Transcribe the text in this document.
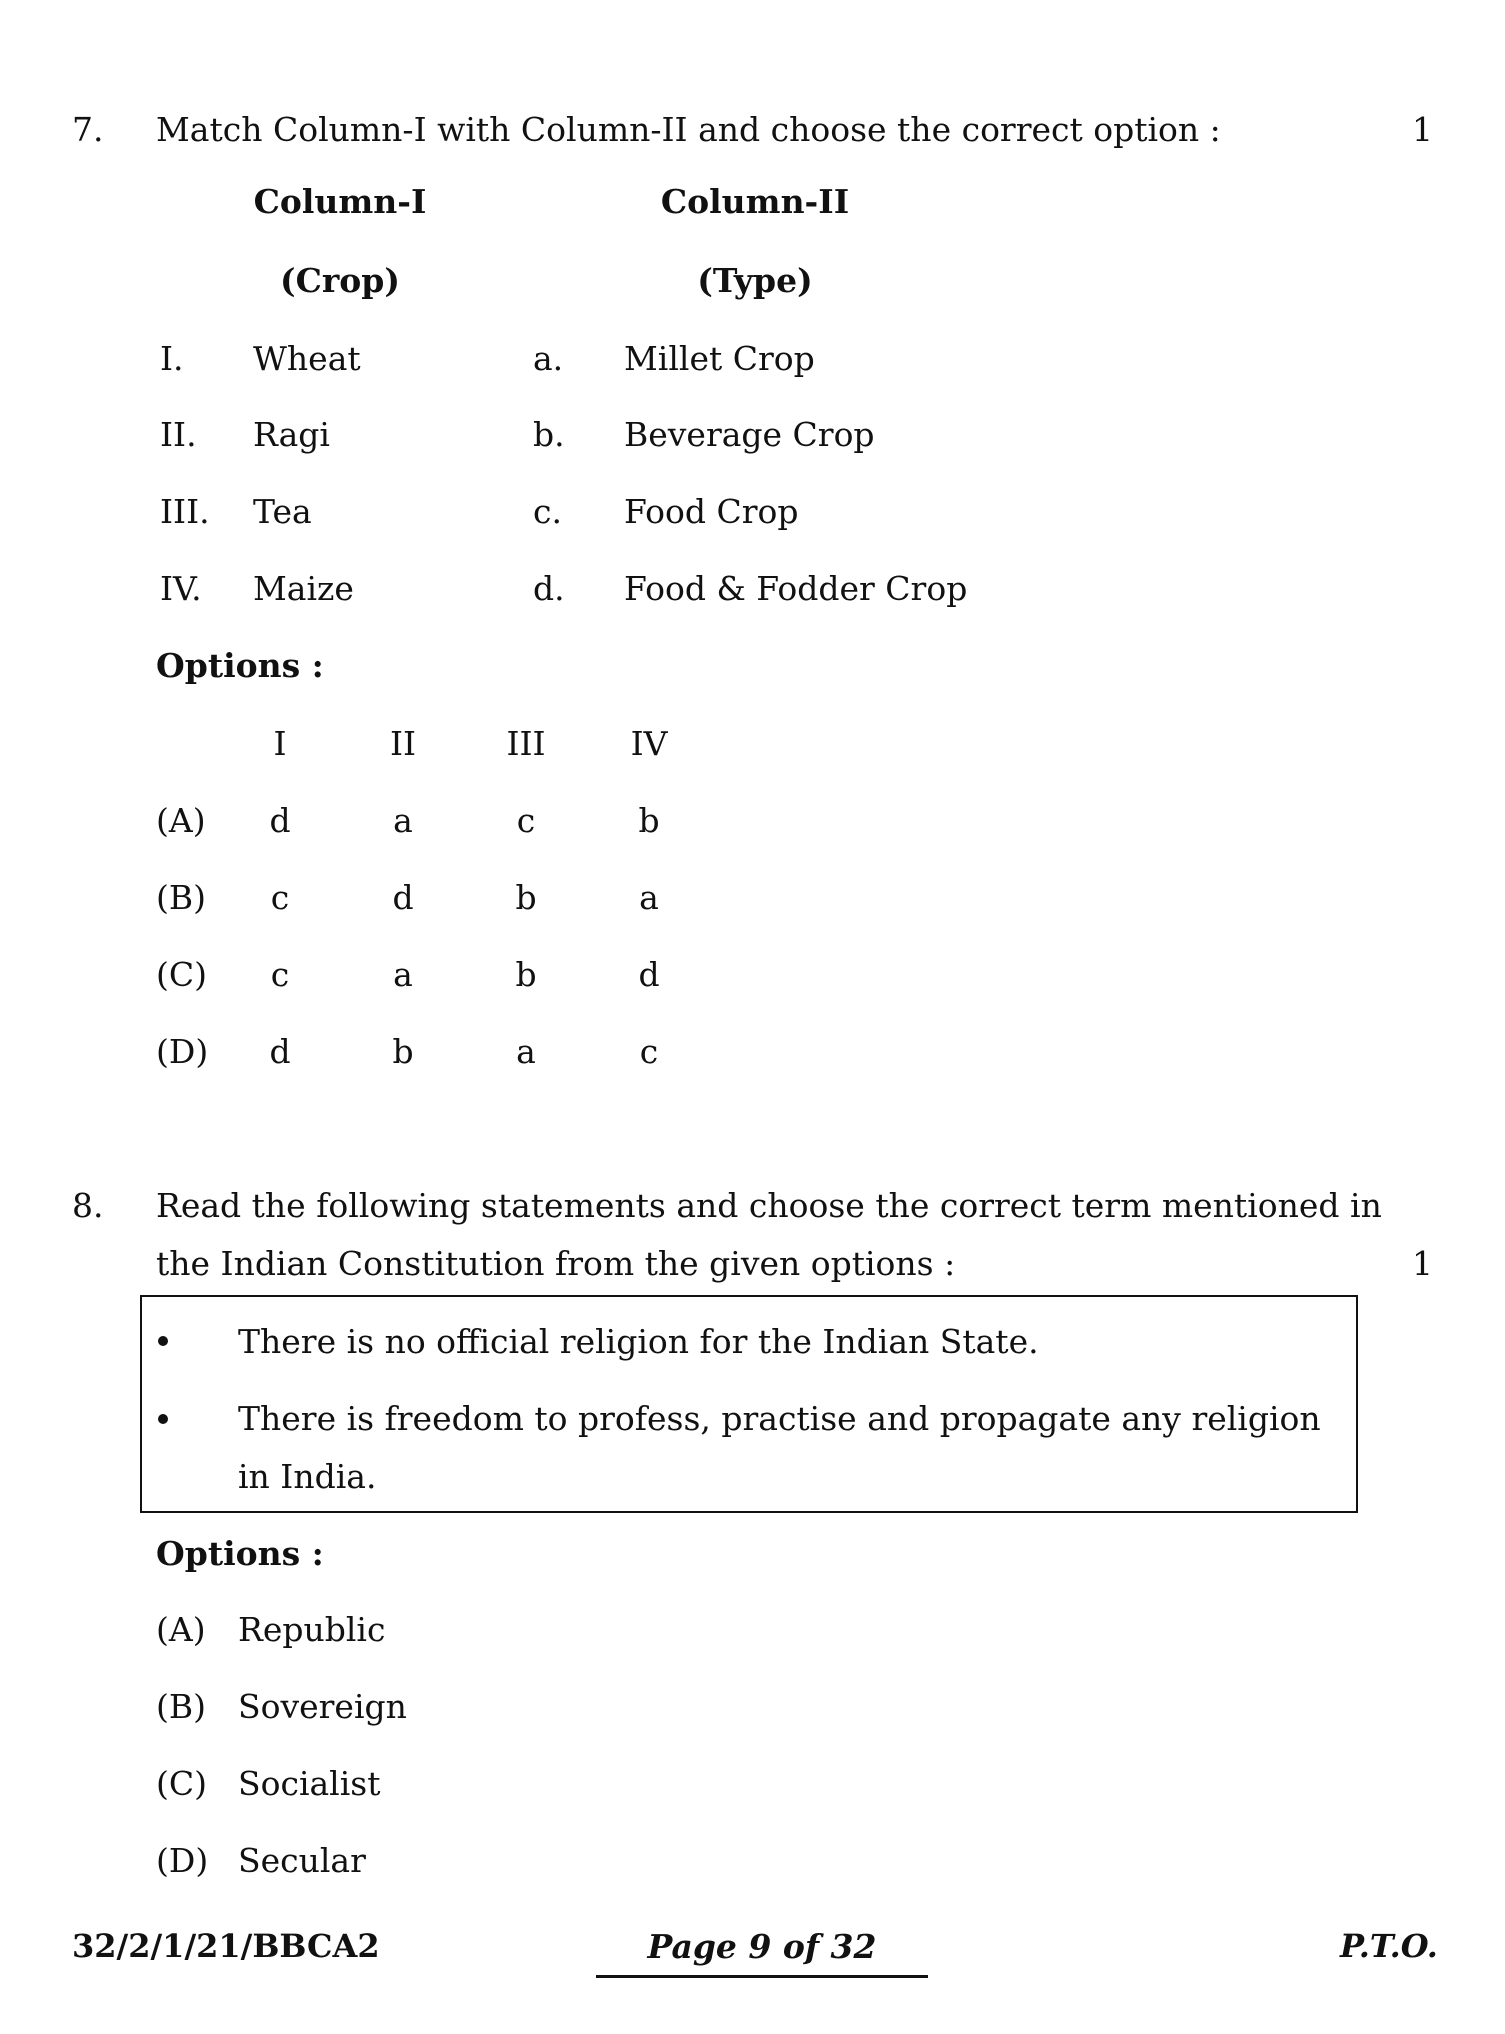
7. Match Column-I with Column-II and choose the correct option :	1
Column-I
(Crop)
Column-II
(Type)
I. Wheat	a. Millet Crop
II. Ragi	b. Beverage Crop
III. Tea	c. Food Crop
IV. Maize	d. Food & Fodder Crop
Options :
I	II	III	IV
(A)	d	a	c	b
(B)	c	d	b	a
(C)	c	a	b	d
(D)	d	b	a	c
8. Read the following statements and choose the correct term mentioned in
the Indian Constitution from the given options :	1
There is no official religion for the Indian State.
There is freedom to profess, practise and propagate any religion
in India.
Options :
(A) Republic
(B) Sovereign
(C) Socialist
(D) Secular
32/2/1/21/BBCA2	Page 9 of 32	P.T.O.
